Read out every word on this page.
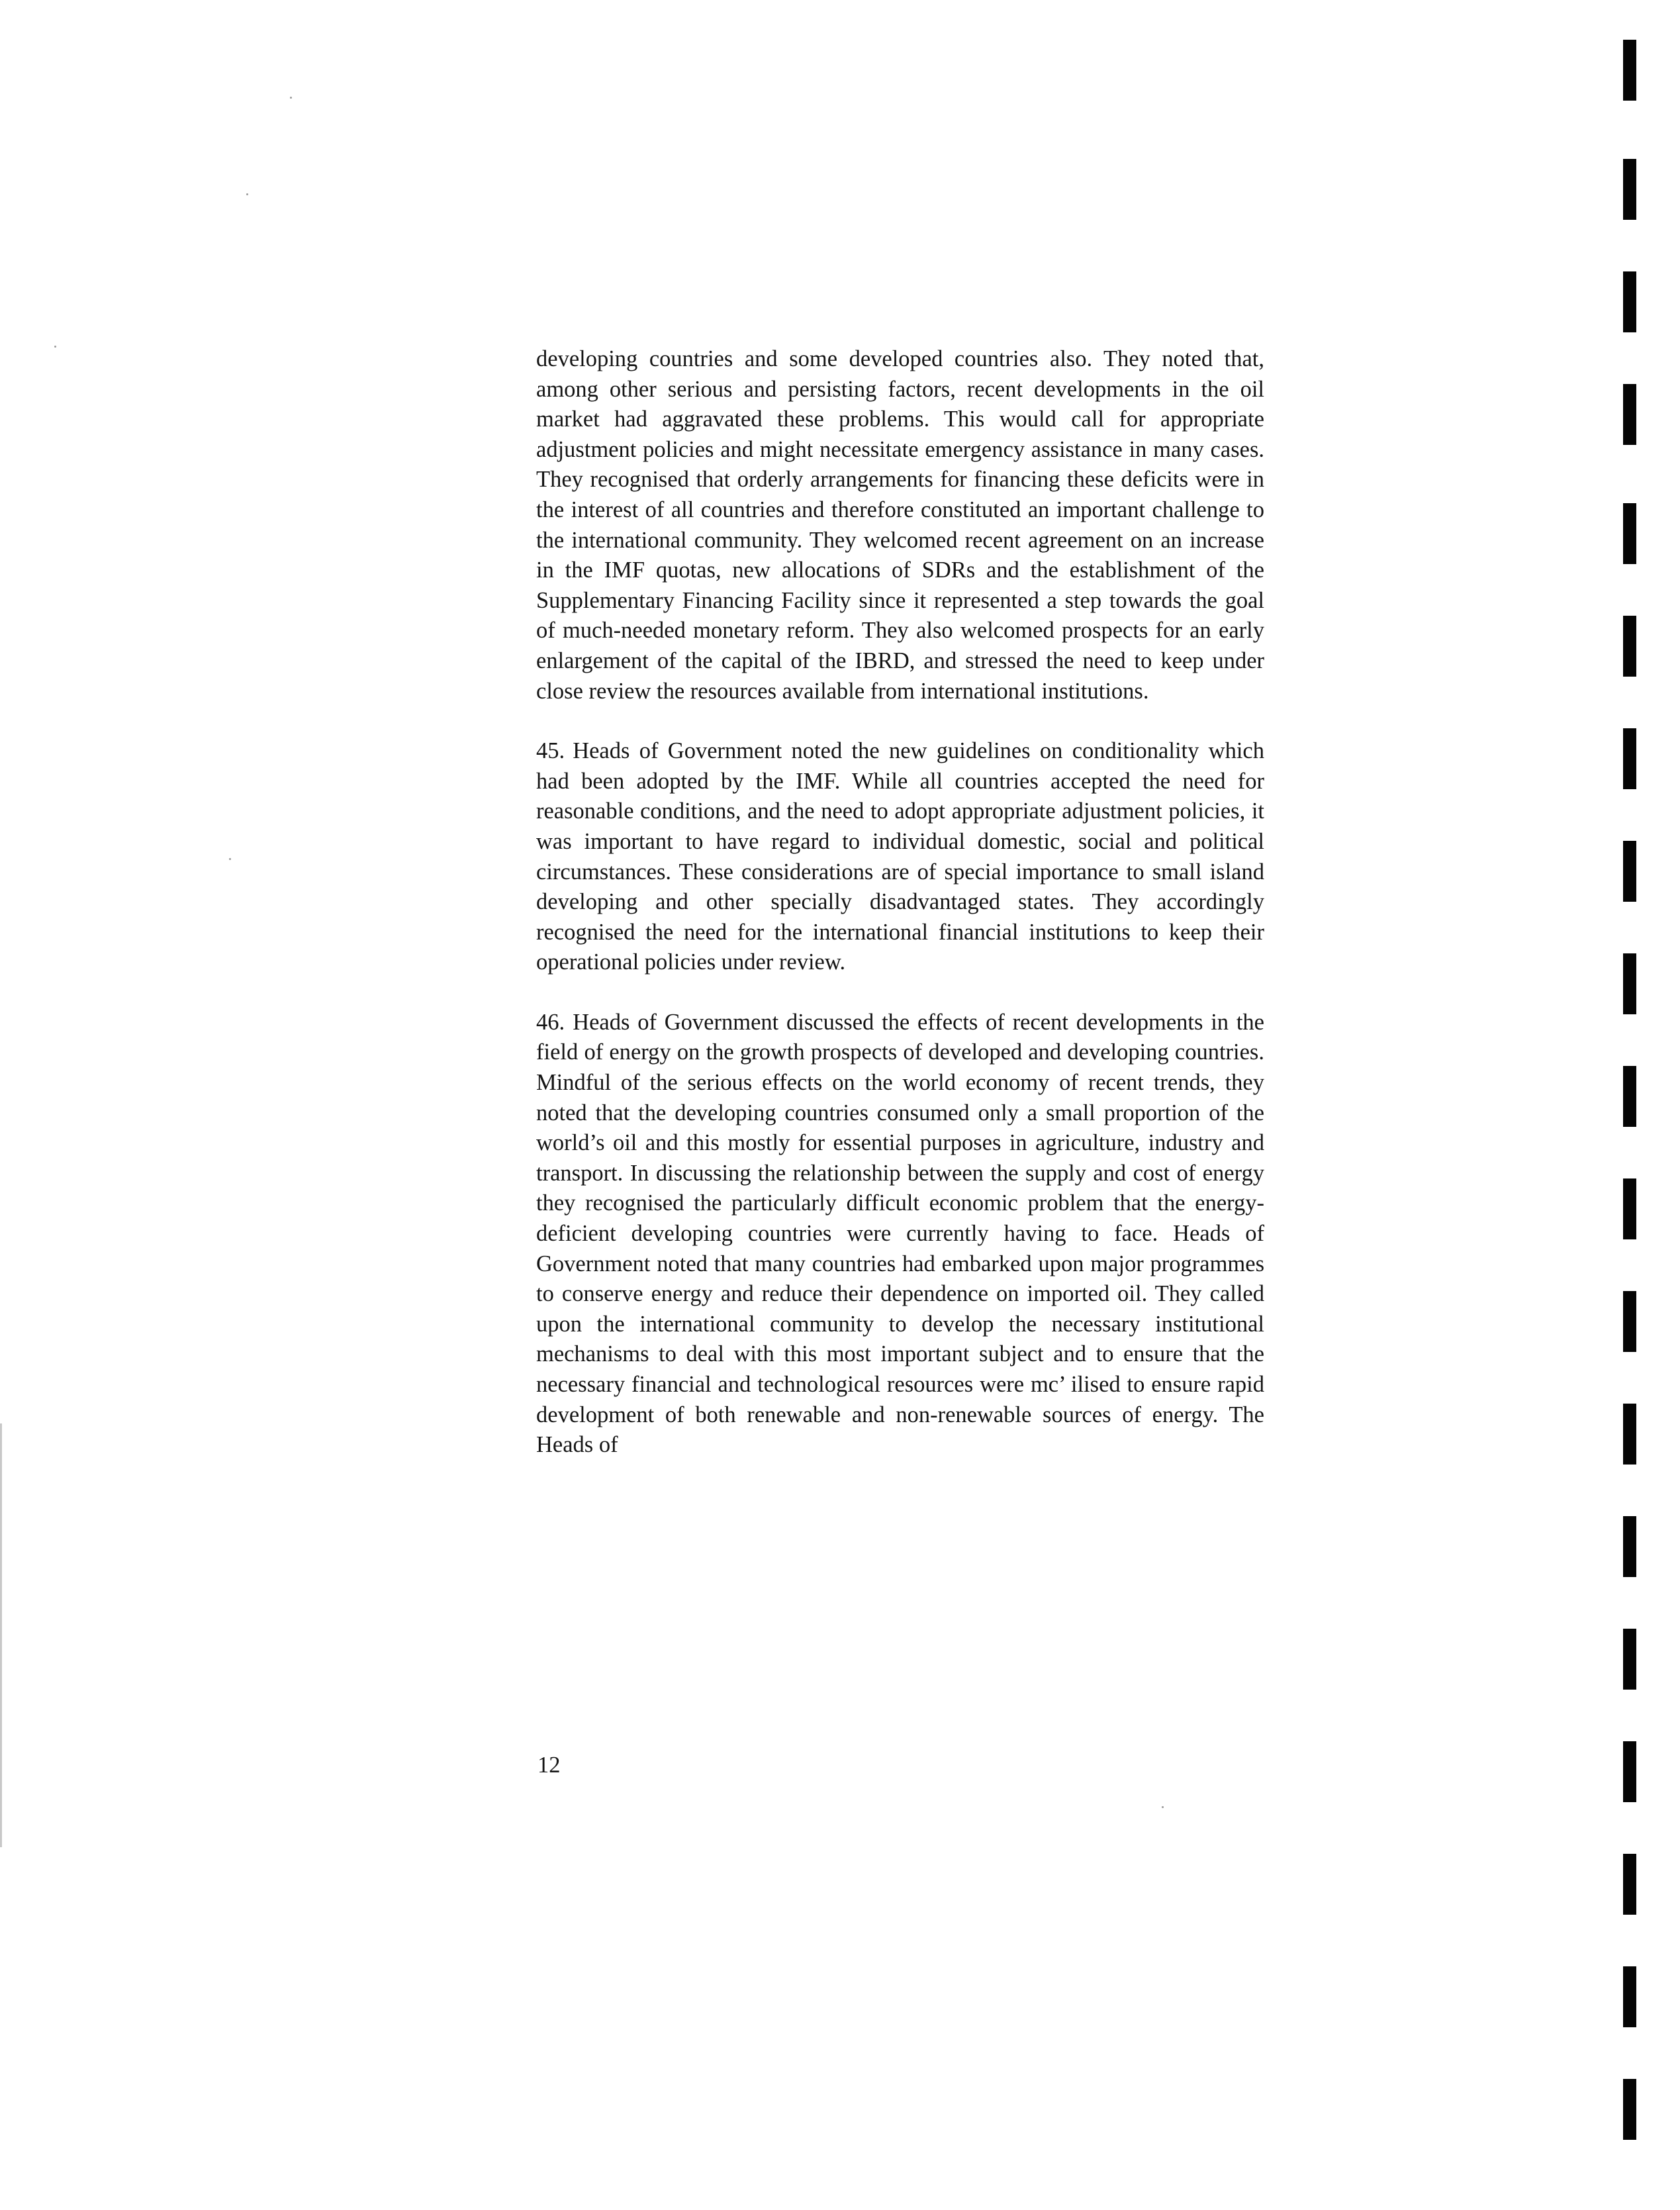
developing countries and some developed countries also. They noted that, among other serious and persisting factors, recent developments in the oil market had aggravated these problems. This would call for appropriate adjustment policies and might necessitate emergency assistance in many cases. They recognised that orderly arrangements for financing these deficits were in the interest of all countries and therefore constituted an important challenge to the international community. They welcomed recent agreement on an increase in the IMF quotas, new allocations of SDRs and the establishment of the Supplementary Financing Facility since it represented a step towards the goal of much-needed monetary reform. They also welcomed prospects for an early enlargement of the capital of the IBRD, and stressed the need to keep under close review the resources available from international institutions.

45. Heads of Government noted the new guidelines on conditionality which had been adopted by the IMF. While all countries accepted the need for reasonable conditions, and the need to adopt appropriate adjustment policies, it was important to have regard to individual domestic, social and political circumstances. These considerations are of special importance to small island developing and other specially disadvantaged states. They accordingly recognised the need for the international financial institutions to keep their operational policies under review.

46. Heads of Government discussed the effects of recent developments in the field of energy on the growth prospects of developed and developing countries. Mindful of the serious effects on the world economy of recent trends, they noted that the developing countries consumed only a small proportion of the world’s oil and this mostly for essential purposes in agriculture, industry and transport. In discussing the relationship between the supply and cost of energy they recognised the particularly difficult economic problem that the energy-deficient developing countries were currently having to face. Heads of Government noted that many countries had embarked upon major programmes to conserve energy and reduce their dependence on imported oil. They called upon the international community to develop the necessary institutional mechanisms to deal with this most important subject and to ensure that the necessary financial and technological resources were mc’ ilised to ensure rapid development of both renewable and non-renewable sources of energy. The Heads of

12
